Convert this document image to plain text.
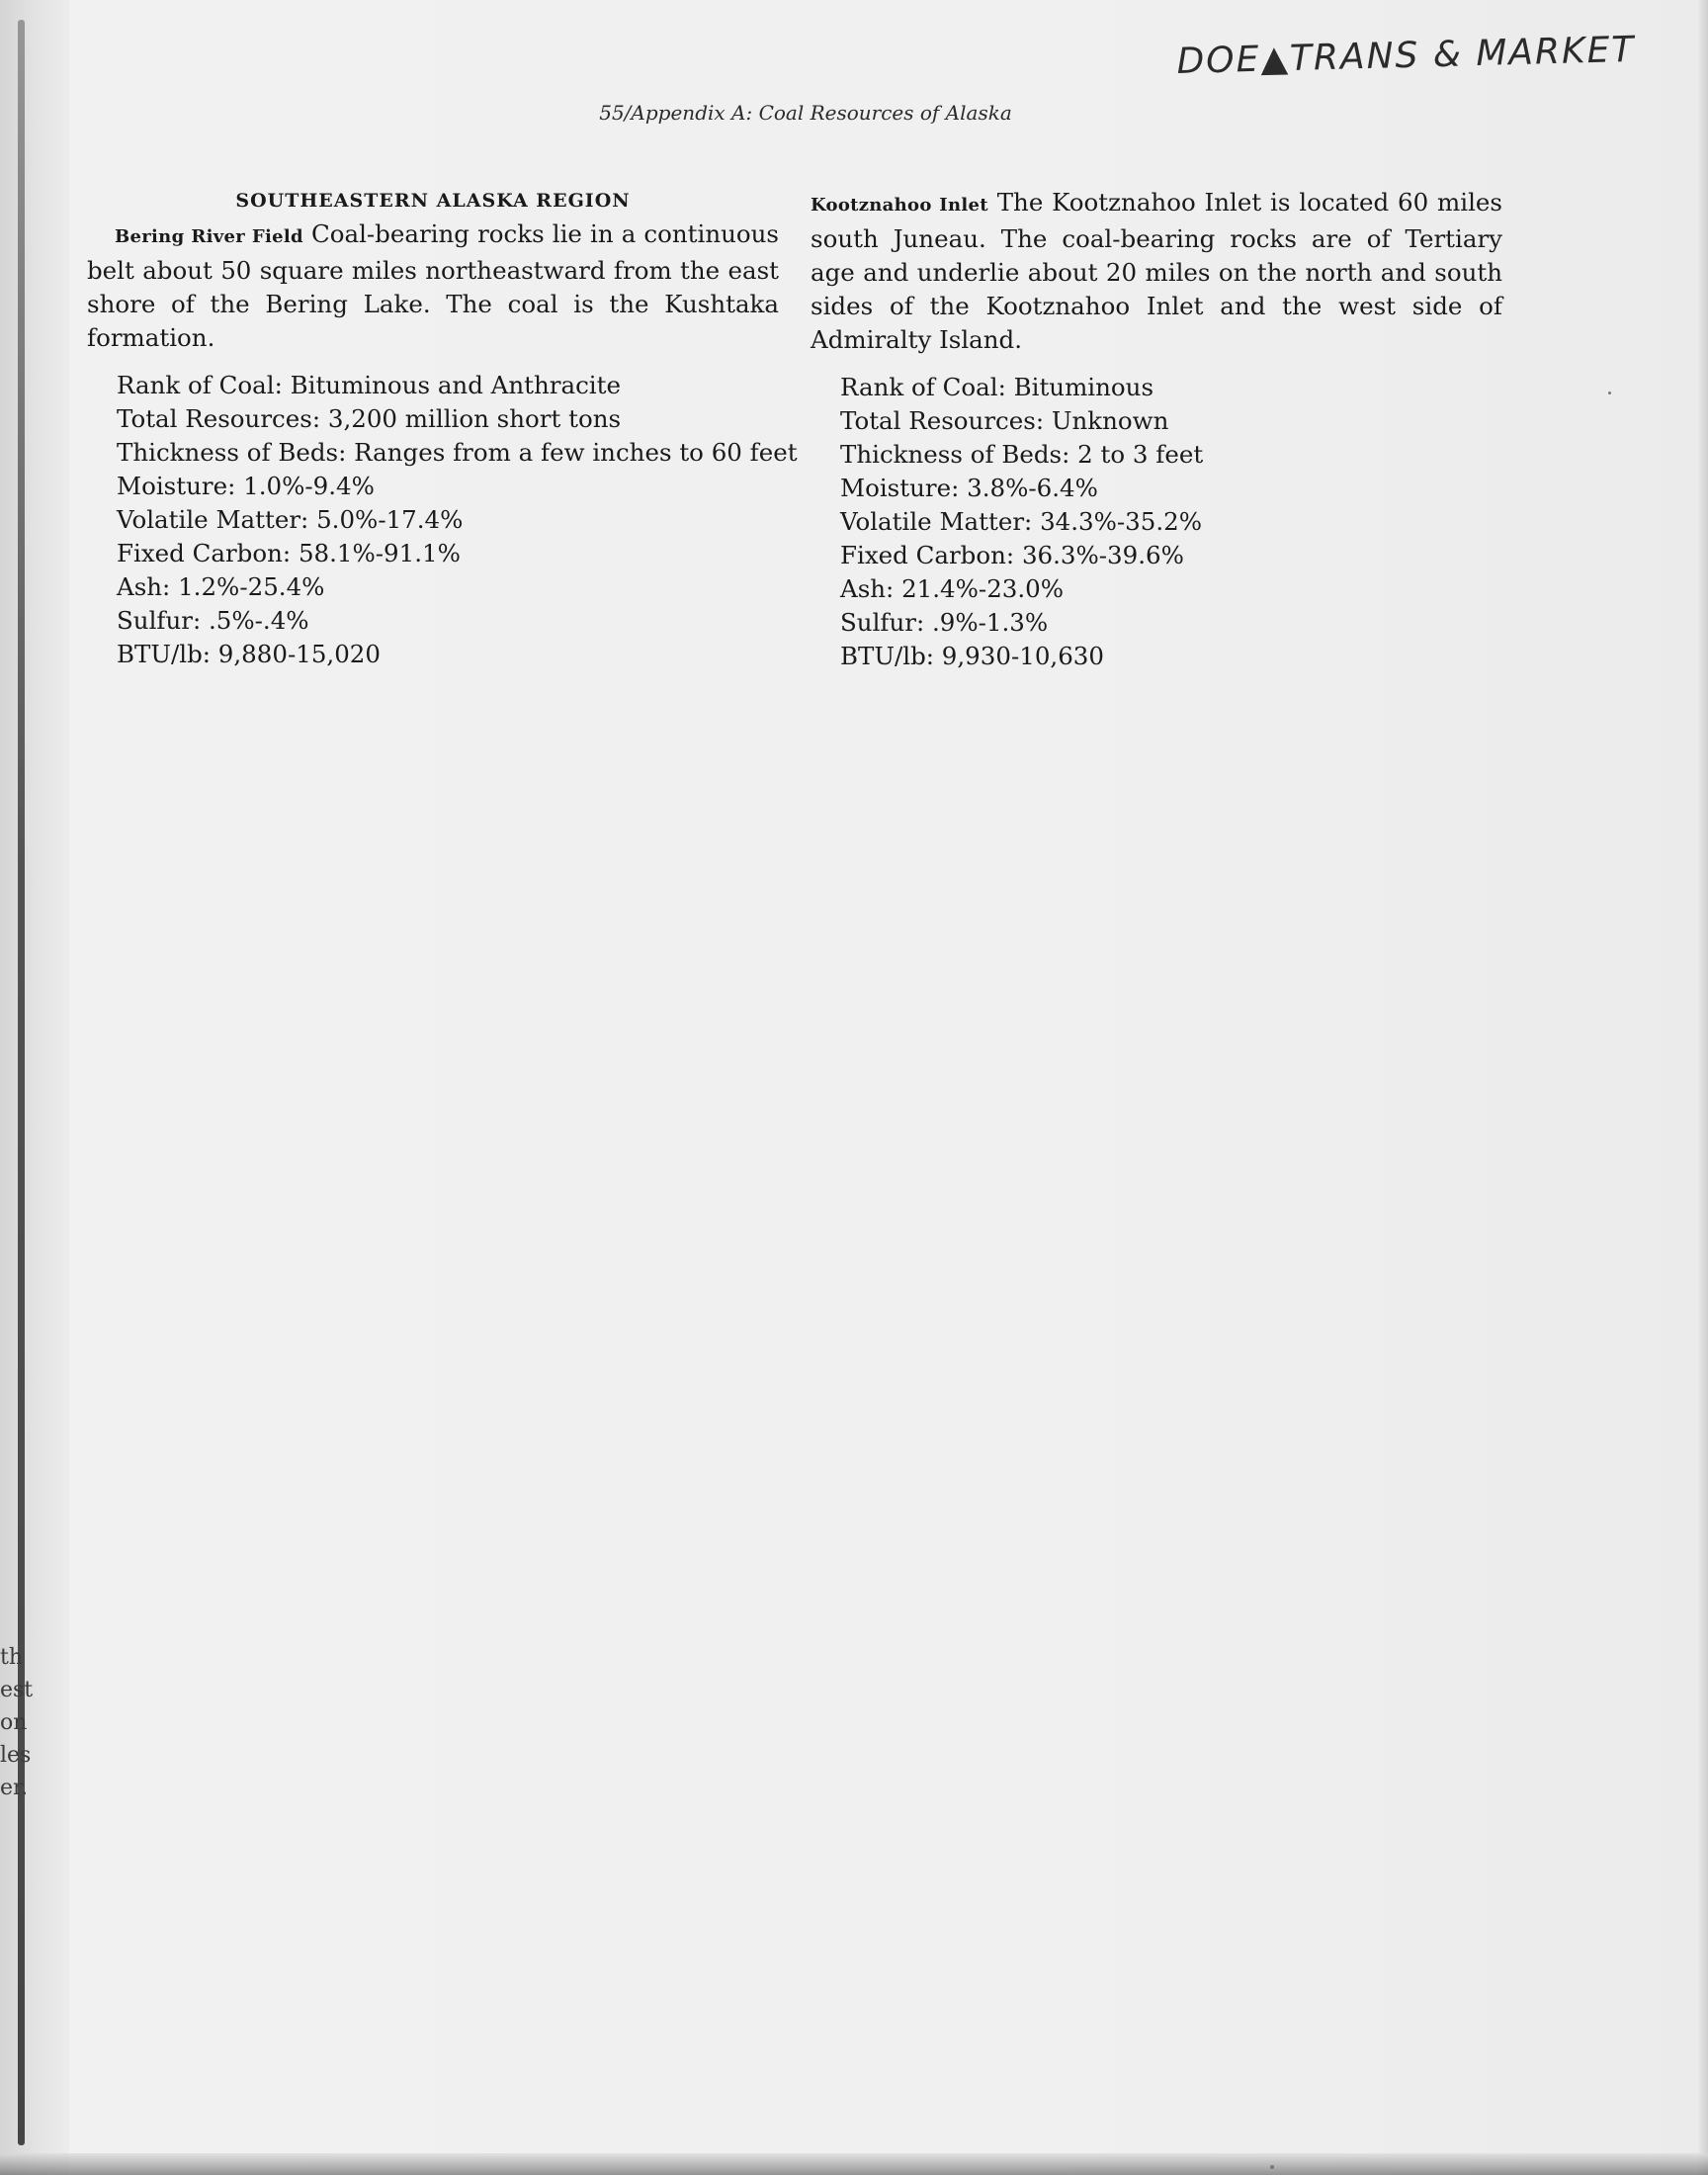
DOE▲TRANS & MARKET
55/Appendix A: Coal Resources of Alaska
SOUTHEASTERN ALASKA REGION

Bering River Field Coal-bearing rocks lie in a continuous belt about 50 square miles northeastward from the east shore of the Bering Lake. The coal is the Kushtaka formation.

Rank of Coal: Bituminous and Anthracite
Total Resources: 3,200 million short tons
Thickness of Beds: Ranges from a few inches to 60 feet
Moisture: 1.0%-9.4%
Volatile Matter: 5.0%-17.4%
Fixed Carbon: 58.1%-91.1%
Ash: 1.2%-25.4%
Sulfur: .5%-.4%
BTU/lb: 9,880-15,020

Kootznahoo Inlet The Kootznahoo Inlet is located 60 miles south Juneau. The coal-bearing rocks are of Tertiary age and underlie about 20 miles on the north and south sides of the Kootznahoo Inlet and the west side of Admiralty Island.

Rank of Coal: Bituminous
Total Resources: Unknown
Thickness of Beds: 2 to 3 feet
Moisture: 3.8%-6.4%
Volatile Matter: 34.3%-35.2%
Fixed Carbon: 36.3%-39.6%
Ash: 21.4%-23.0%
Sulfur: .9%-1.3%
BTU/lb: 9,930-10,630
th
est
on
les
er.
